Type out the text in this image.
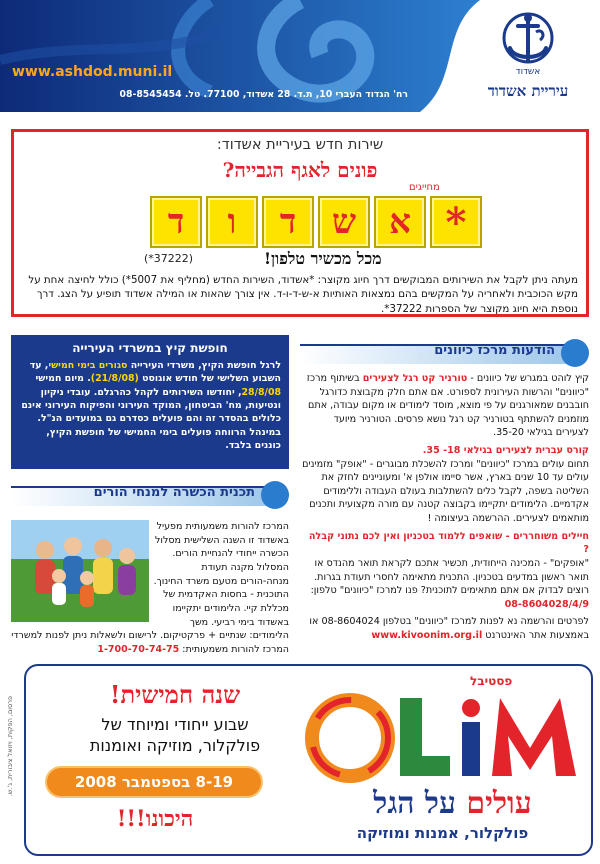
www.ashdod.muni.il
רח' הגדוד העברי 10, ת.ד. 28 אשדוד, 77100. טל. 08-8545454
אשדוד
עיריית אשדוד
שירות חדש בעיריית אשדוד:
פונים לאגף הגבייה?
מחייגים
*
א
ש
ד
ו
ד
(*37222)	מכל מכשיר טלפון!
מעתה ניתן לקבל את השירותים המבוקשים דרך חיוג מקוצר: *אשדוד, השירות החדש (מחליף את 5007*) כולל לחיצה אחת על מקש הכוכבית ולאחריה על המקשים בהם נמצאות האותיות א-ש-ד-ו-ד. אין צורך שהאות או המילה אשדוד תופיע על הצג. דרך נוספת היא חיוג מקוצר של הספרות 37222*.
חופשת קיץ במשרדי העירייה
לרגל חופשת הקיץ, משרדי העירייה סגורים בימי חמישי, עד השבוע השלישי של חודש אוגוסט (21/8/08). מיום חמישי 28/8/08, יחודשו השירותים לקהל כהרגלם. עובדי ניקיון ונטיעות, מח' הביטחון, המוקד העירוני והפיקוח העירוני אינם כלולים בהסדר זה והם פועלים כסדרם גם במועדים הנ"ל. במינהל הרווחה פועלים בימי החמישי של חופשת הקיץ, כוננים בלבד.
הודעות מרכז כיוונים

קיץ לוהט במגרש של כיוונים - טורניר קט רגל לצעירים בשיתוף מרכז "כיוונים" והרשות העירונית לספורט. אם אתם חלק מקבוצת כדורגל חובבנים שמאורגנים על פי מוצא, מוסד לימודים או מקום עבודה, אתם מוזמנים להשתתף בטורניר קט רגל נושא פרסים. הטורניר מיועד לצעירים בגילאי 35-20.

קורס עברית לצעירים בגילאי 18- 35.
תחום עולים במרכז "כיוונים" ומרכז להשכלת מבוגרים - "אופק" מזמינים עולים עד 10 שנים בארץ, אשר סיימו אולפן א' ומעוניינים לחזק את השליטה בשפה, לקבל כלים להשתלבות בעולם העבודה וללימודים אקדמיים. הלימודים יתקיימו בקבוצה קטנה עם מורה מקצועית ותכנים מותאמים לצעירים. ההרשמה בעיצומה !

חיילים משוחררים - שואפים ללמוד בטכניון ואין לכם נתוני קבלה ?
"אופקים" - המכינה הייחודית, תכשיר אתכם לקראת תואר מהנדס או תואר ראשון במדעים בטכניון. התכנית מתאימה לחסרי תעודת בגרות. רוצים לבדוק אם אתם מתאימים לתוכנית? פנו למרכז "כיוונים" טלפון: 08-8604028/4/9

לפרטים והרשמה נא לפנות למרכז "כיוונים" בטלפון 08-8604024 או באמצעות אתר האינטרנט www.kivoonim.org.il

תכנית הכשרה למנחי הורים
המרכז להורות משמעותית מפעיל באשדוד זו השנה השלישית מסלול הכשרה ייחודי להנחיית הורים. המסלול מקנה תעודת מנחה-הורים מטעם משרד החינוך. התוכנית - בחסות האקדמית של מכללת קיי. הלימודים יתקיימו באשדוד בימי רביעי. משך הלימודים: שנתיים + פרקטיקום. לרישום ולשאלות ניתן לפנות למשרדי המרכז להורות משמעותית: 1-700-70-74-75
פרסום, הפקות, ויזואל ציבורית, ג'.ש.
שנה חמישית!
שבוע ייחודי ומיוחד של
פולקלור, מוזיקה ואומנות
8-19 בספטמבר 2008
היכונו!!!
פסטיבל
OLiM
עולים על הגל
פולקלור, אמנות ומוזיקה
